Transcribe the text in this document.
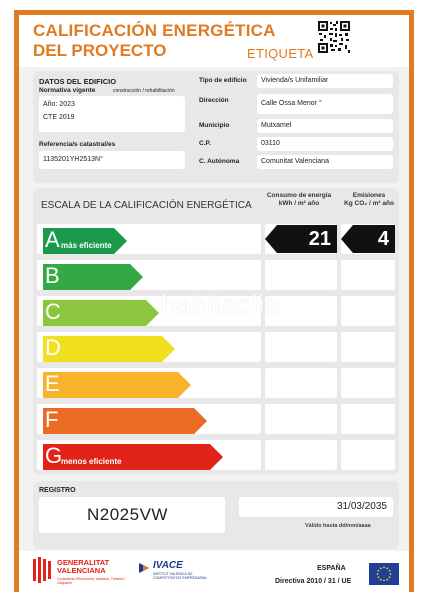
CALIFICACIÓN ENERGÉTICA
DEL PROYECTO	ETIQUETA
DATOS DEL EDIFICIO
Normativa vigente	construcción / rehabilitación
Año: 2023
CTE 2019
Referencia/s catastral/es
1135201YH2513N°
Tipo de edificio	Vivienda/s Unifamiliar
Dirección	Calle Ossa Menor °
Municipio	Mutxamel
C.P.	03110
C. Autónoma	Comunitat Valenciana
ESCALA DE LA CALIFICACIÓN ENERGÉTICA
Consumo de energía
kWh / m² año
Emisiones
Kg CO₂ / m² año
A más eficiente	21	4
B
C
D
E
F
G
menos eficiente
habitaclia
REGISTRO
N2025VW	31/03/2035
Válido hasta dd/mm/aaaa
GENERALITAT
VALENCIANA
Conselleria d'Economia, Indústria, Turisme i Ocupació
IVACE
INSTITUT VALENCIÀ DE COMPETITIVITAT EMPRESARIAL
ESPAÑA
Directiva 2010 / 31 / UE
